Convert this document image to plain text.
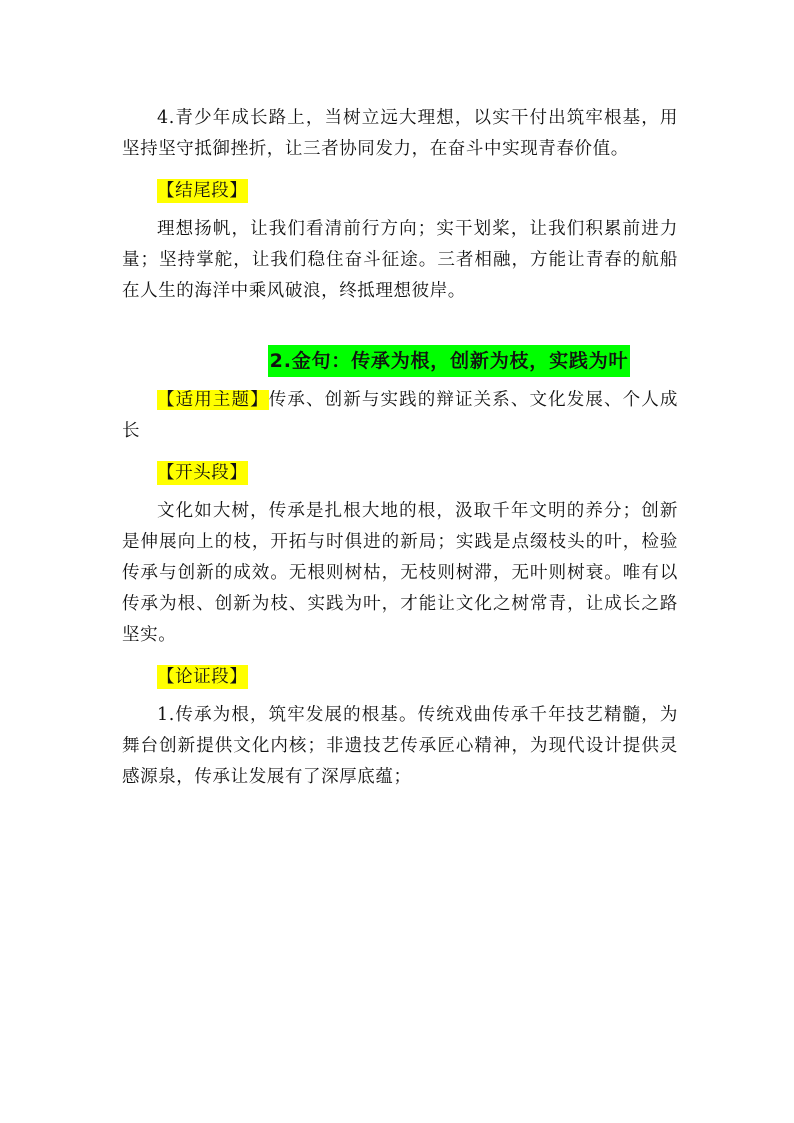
4.青少年成长路上，当树立远大理想，以实干付出筑牢根基，用坚持坚守抵御挫折，让三者协同发力，在奋斗中实现青春价值。

【结尾段】

理想扬帆，让我们看清前行方向；实干划桨，让我们积累前进力量；坚持掌舵，让我们稳住奋斗征途。三者相融，方能让青春的航船在人生的海洋中乘风破浪，终抵理想彼岸。

2.金句：传承为根，创新为枝，实践为叶

【适用主题】传承、创新与实践的辩证关系、文化发展、个人成长

【开头段】

文化如大树，传承是扎根大地的根，汲取千年文明的养分；创新是伸展向上的枝，开拓与时俱进的新局；实践是点缀枝头的叶，检验传承与创新的成效。无根则树枯，无枝则树滞，无叶则树衰。唯有以传承为根、创新为枝、实践为叶，才能让文化之树常青，让成长之路坚实。

【论证段】

1.传承为根，筑牢发展的根基。传统戏曲传承千年技艺精髓，为舞台创新提供文化内核；非遗技艺传承匠心精神，为现代设计提供灵感源泉，传承让发展有了深厚底蕴；
